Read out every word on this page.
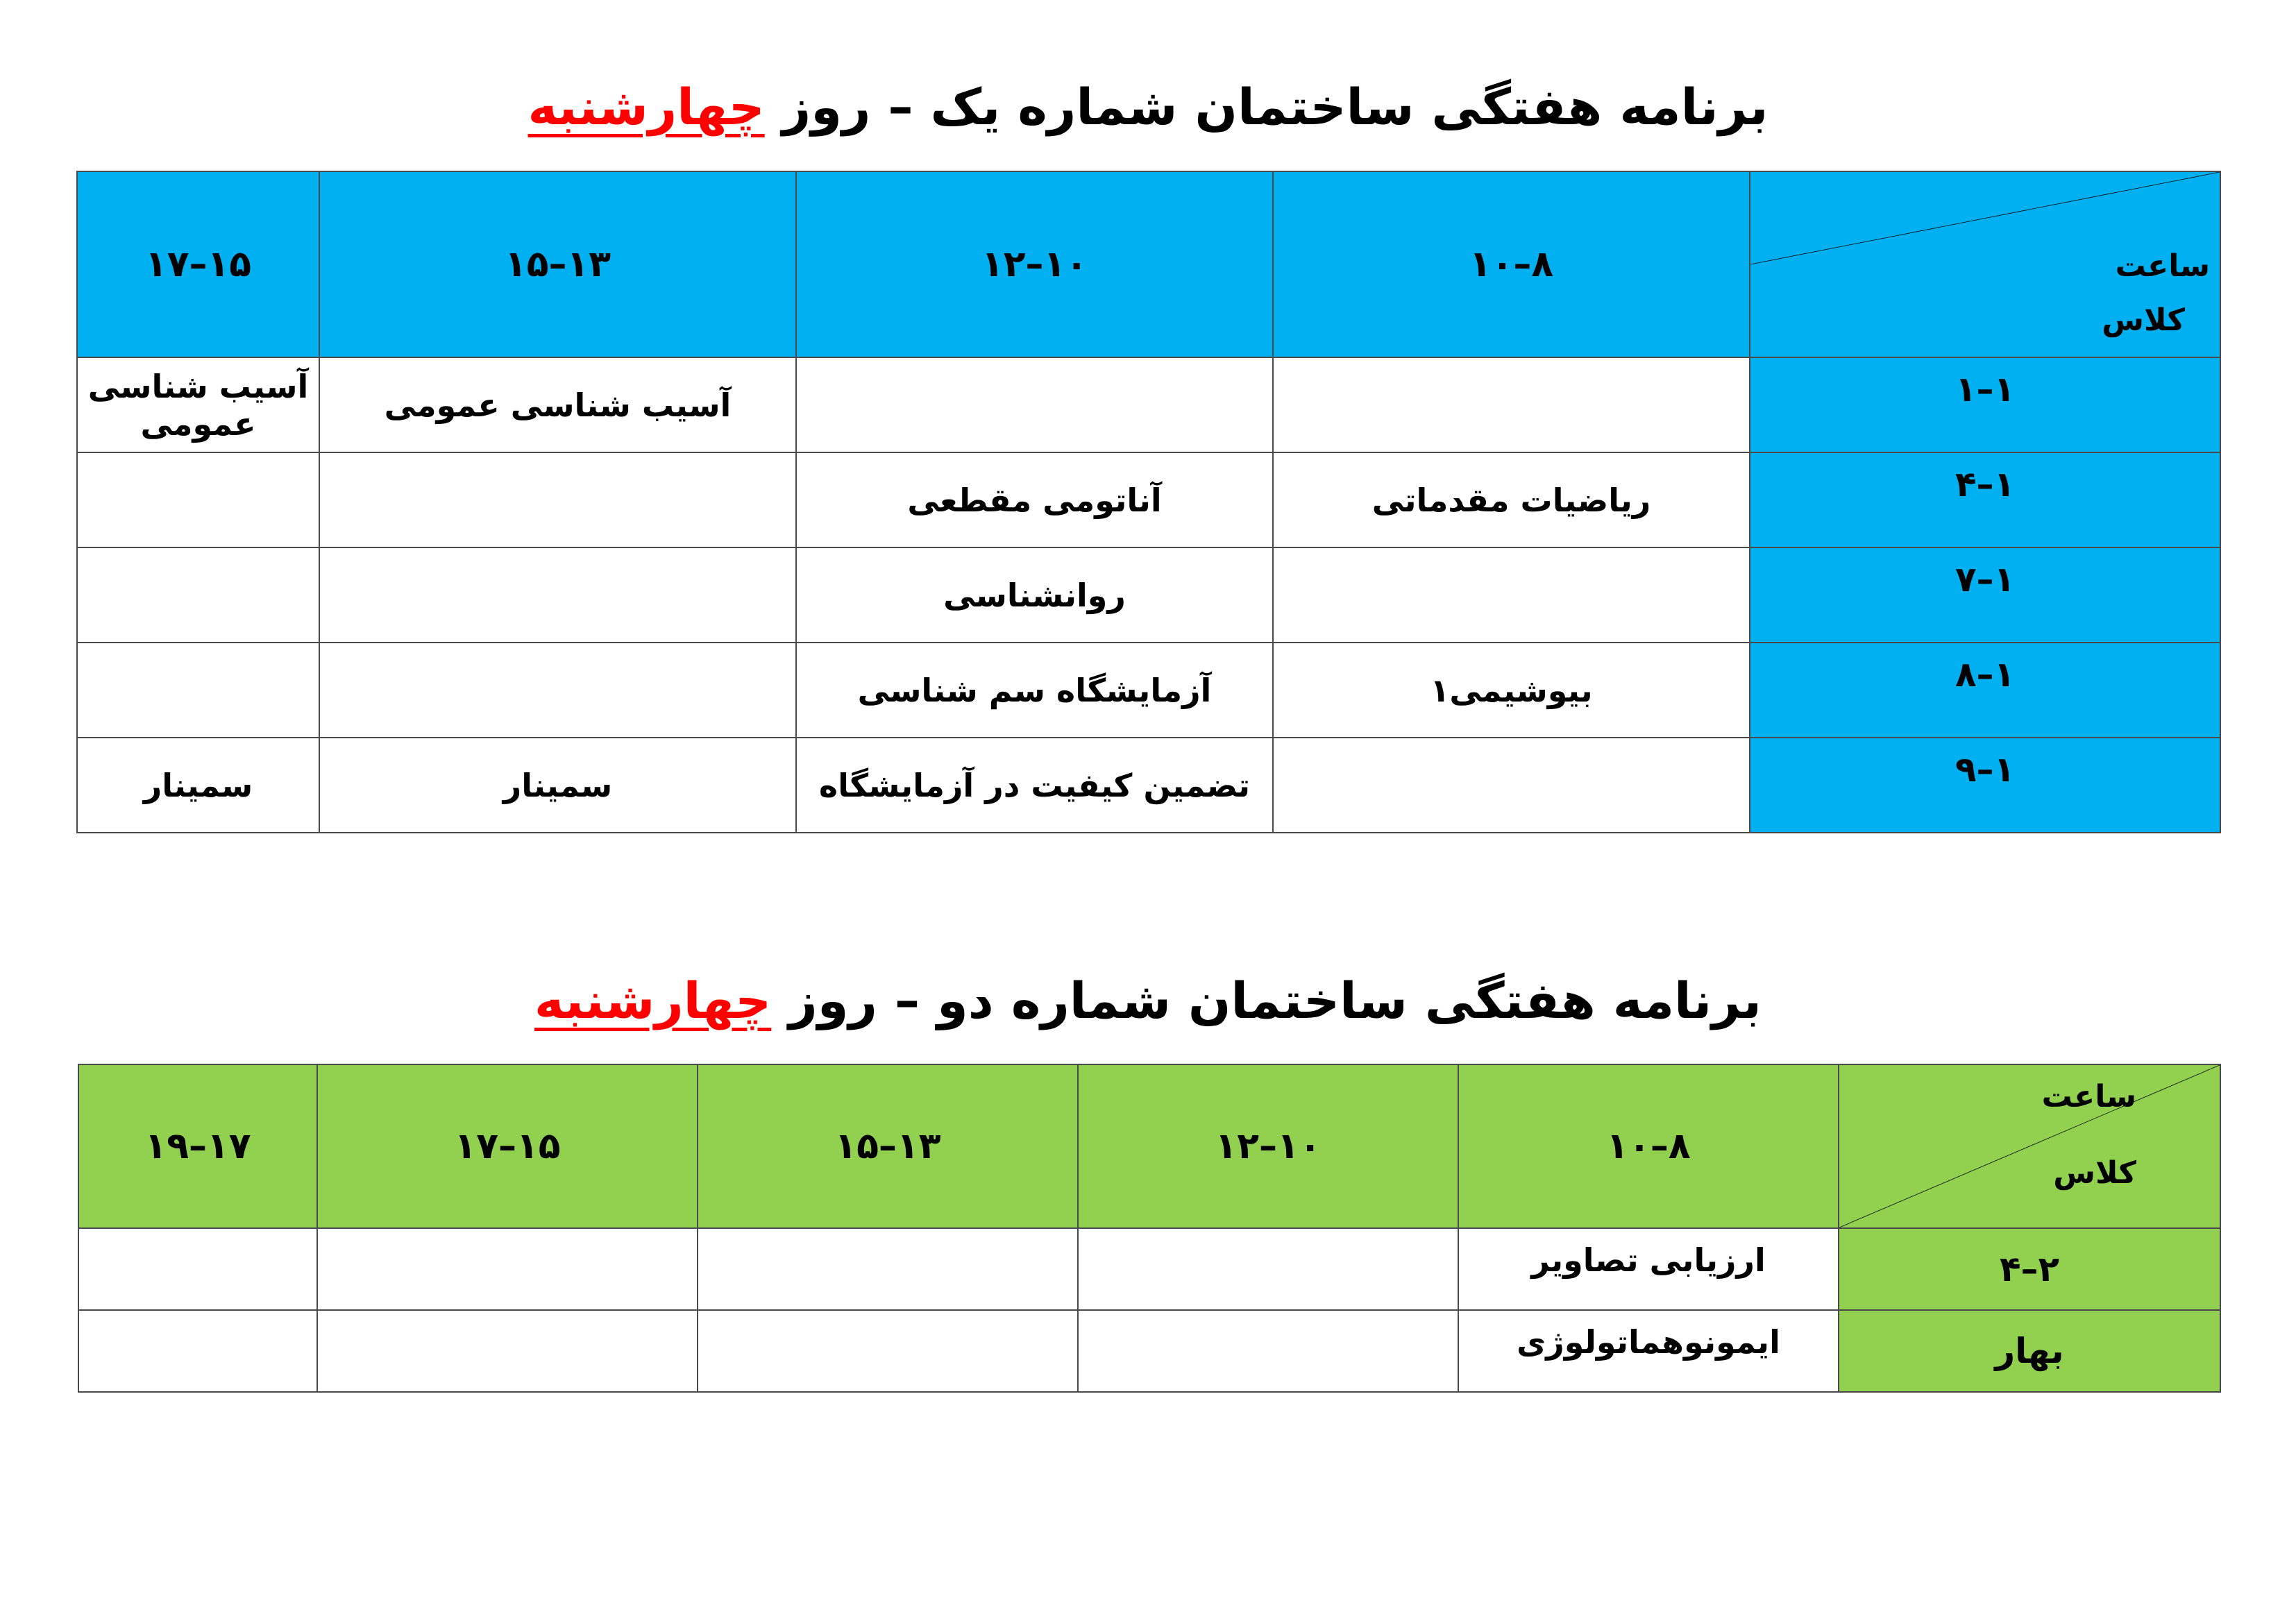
برنامه هفتگی ساختمان شماره یک – روز چهارشنبه
ساعت
کلاس	۸–۱۰	۱۰–۱۲	۱۳–۱۵	۱۵–۱۷
۱–۱			آسیب شناسی عمومی	آسیب شناسی عمومی
۱–۴	ریاضیات مقدماتی	آناتومی مقطعی		
۱–۷		روانشناسی		
۱–۸	بیوشیمی۱	آزمایشگاه سم شناسی		
۱–۹		تضمین کیفیت در آزمایشگاه	سمینار	سمینار
برنامه هفتگی ساختمان شماره دو – روز چهارشنبه
ساعت
کلاس	۸–۱۰	۱۰–۱۲	۱۳–۱۵	۱۵–۱۷	۱۷–۱۹
۲–۴	ارزیابی تصاویر				
بهار	ایمونوهماتولوژی				
